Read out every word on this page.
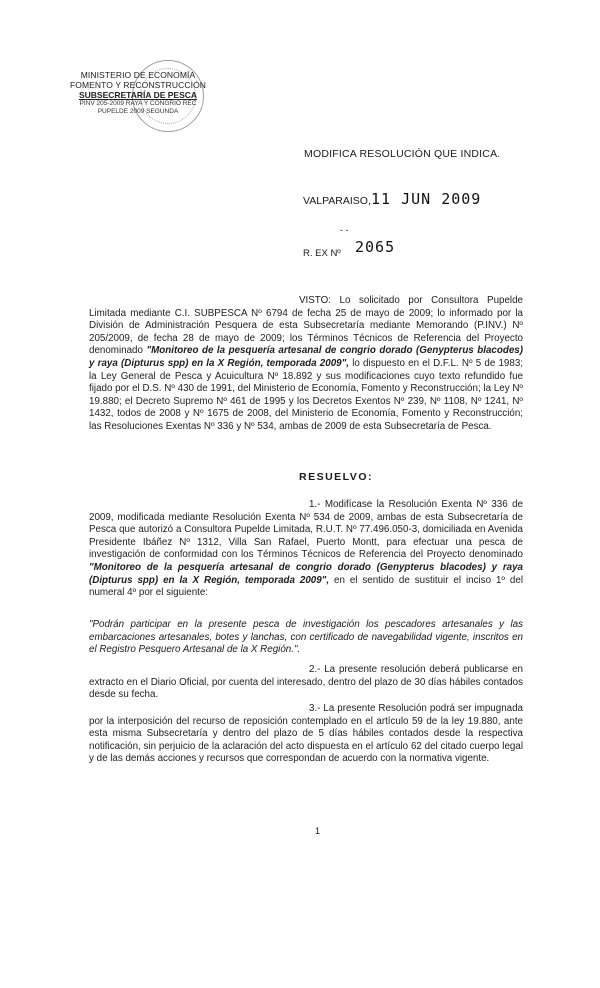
MINISTERIO DE ECONOMÍA
FOMENTO Y RECONSTRUCCIÓN
SUBSECRETARÍA DE PESCA
PINV 205-2009 RAYA Y CONGRIO REC
PUPELDE 2009 SEGUNDA
MODIFICA RESOLUCIÓN QUE INDICA.
VALPARAISO, 11 JUN 2009
- -
R. EX Nº 2065
VISTO: Lo solicitado por Consultora Pupelde Limitada mediante C.I. SUBPESCA Nº 6794 de fecha 25 de mayo de 2009; lo informado por la División de Administración Pesquera de esta Subsecretaría mediante Memorando (P.INV.) Nº 205/2009, de fecha 28 de mayo de 2009; los Términos Técnicos de Referencia del Proyecto denominado "Monitoreo de la pesquería artesanal de congrio dorado (Genypterus blacodes) y raya (Dipturus spp) en la X Región, temporada 2009", lo dispuesto en el D.F.L. Nº 5 de 1983; la Ley General de Pesca y Acuicultura Nº 18.892 y sus modificaciones cuyo texto refundido fue fijado por el D.S. Nº 430 de 1991, del Ministerio de Economía, Fomento y Reconstrucción; la Ley Nº 19.880; el Decreto Supremo Nº 461 de 1995 y los Decretos Exentos Nº 239, Nº 1108, Nº 1241, Nº 1432, todos de 2008 y Nº 1675 de 2008, del Ministerio de Economía, Fomento y Reconstrucción; las Resoluciones Exentas Nº 336 y Nº 534, ambas de 2009 de esta Subsecretaría de Pesca.
RESUELVO:
1.- Modifícase la Resolución Exenta Nº 336 de 2009, modificada mediante Resolución Exenta Nº 534 de 2009, ambas de esta Subsecretaría de Pesca que autorizó a Consultora Pupelde Limitada, R.U.T. Nº 77.496.050-3, domiciliada en Avenida Presidente Ibáñez Nº 1312, Villa San Rafael, Puerto Montt, para efectuar una pesca de investigación de conformidad con los Términos Técnicos de Referencia del Proyecto denominado "Monitoreo de la pesquería artesanal de congrio dorado (Genypterus blacodes) y raya (Dipturus spp) en la X Región, temporada 2009", en el sentido de sustituir el inciso 1º del numeral 4º por el siguiente:
"Podrán participar en la presente pesca de investigación los pescadores artesanales y las embarcaciones artesanales, botes y lanchas, con certificado de navegabilidad vigente, inscritos en el Registro Pesquero Artesanal de la X Región.".
2.- La presente resolución deberá publicarse en extracto en el Diario Oficial, por cuenta del interesado, dentro del plazo de 30 días hábiles contados desde su fecha.
3.- La presente Resolución podrá ser impugnada por la interposición del recurso de reposición contemplado en el artículo 59 de la ley 19.880, ante esta misma Subsecretaría y dentro del plazo de 5 días hábiles contados desde la respectiva notificación, sin perjuicio de la aclaración del acto dispuesta en el artículo 62 del citado cuerpo legal y de las demás acciones y recursos que correspondan de acuerdo con la normativa vigente.
1
